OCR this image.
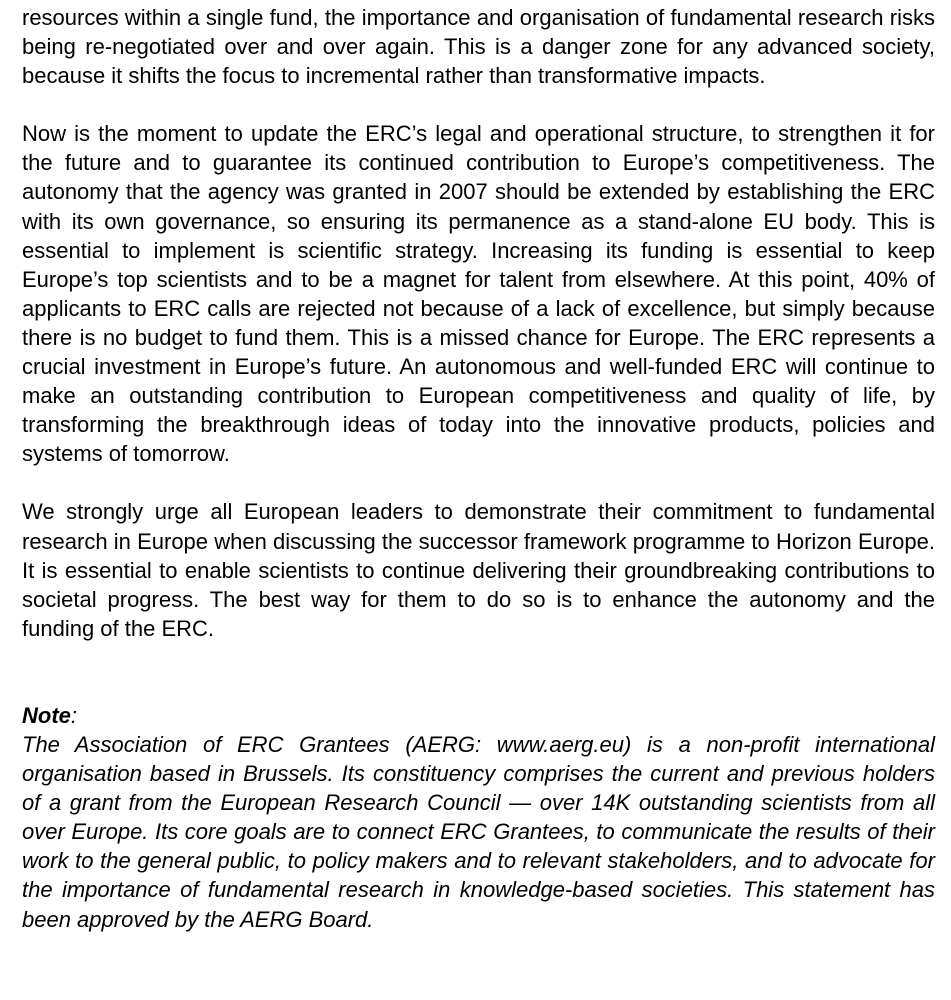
resources within a single fund, the importance and organisation of fundamental research risks being re-negotiated over and over again. This is a danger zone for any advanced society, because it shifts the focus to incremental rather than transformative impacts.

Now is the moment to update the ERC’s legal and operational structure, to strengthen it for the future and to guarantee its continued contribution to Europe’s competitiveness. The autonomy that the agency was granted in 2007 should be extended by establishing the ERC with its own governance, so ensuring its permanence as a stand-alone EU body. This is essential to implement is scientific strategy. Increasing its funding is essential to keep Europe’s top scientists and to be a magnet for talent from elsewhere. At this point, 40% of applicants to ERC calls are rejected not because of a lack of excellence, but simply because there is no budget to fund them. This is a missed chance for Europe. The ERC represents a crucial investment in Europe’s future. An autonomous and well-funded ERC will continue to make an outstanding contribution to European competitiveness and quality of life, by transforming the breakthrough ideas of today into the innovative products, policies and systems of tomorrow.

We strongly urge all European leaders to demonstrate their commitment to fundamental research in Europe when discussing the successor framework programme to Horizon Europe. It is essential to enable scientists to continue delivering their groundbreaking contributions to societal progress. The best way for them to do so is to enhance the autonomy and the funding of the ERC.

Note:

The Association of ERC Grantees (AERG: www.aerg.eu) is a non-profit international organisation based in Brussels. Its constituency comprises the current and previous holders of a grant from the European Research Council — over 14K outstanding scientists from all over Europe. Its core goals are to connect ERC Grantees, to communicate the results of their work to the general public, to policy makers and to relevant stakeholders, and to advocate for the importance of fundamental research in knowledge-based societies. This statement has been approved by the AERG Board.
